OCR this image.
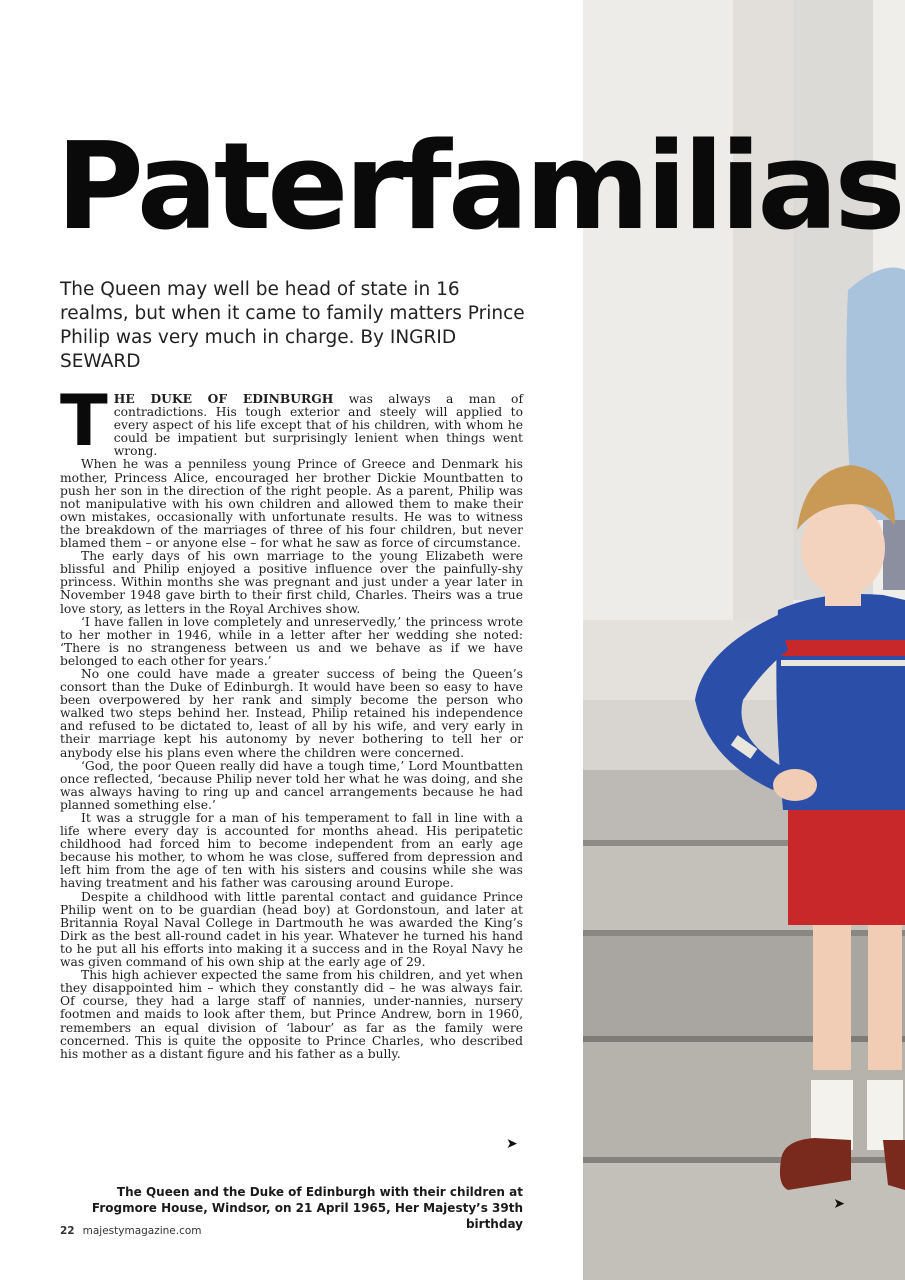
➤
Paterfamilias

The Queen may well be head of state in 16 realms, but when it came to family matters Prince Philip was very much in charge. By INGRID SEWARD

THE DUKE OF EDINBURGH was always a man of contradictions. His tough exterior and steely will applied to every aspect of his life except that of his children, with whom he could be impatient but surprisingly lenient when things went wrong.

When he was a penniless young Prince of Greece and Denmark his mother, Princess Alice, encouraged her brother Dickie Mountbatten to push her son in the direction of the right people. As a parent, Philip was not manipulative with his own children and allowed them to make their own mistakes, occasionally with unfortunate results. He was to witness the breakdown of the marriages of three of his four children, but never blamed them – or anyone else – for what he saw as force of circumstance.

The early days of his own marriage to the young Elizabeth were blissful and Philip enjoyed a positive influence over the painfully-shy princess. Within months she was pregnant and just under a year later in November 1948 gave birth to their first child, Charles. Theirs was a true love story, as letters in the Royal Archives show.

‘I have fallen in love completely and unreservedly,’ the princess wrote to her mother in 1946, while in a letter after her wedding she noted: ‘There is no strangeness between us and we behave as if we have belonged to each other for years.’

No one could have made a greater success of being the Queen’s consort than the Duke of Edinburgh. It would have been so easy to have been overpowered by her rank and simply become the person who walked two steps behind her. Instead, Philip retained his independence and refused to be dictated to, least of all by his wife, and very early in their marriage kept his autonomy by never bothering to tell her or anybody else his plans even where the children were concerned.

‘God, the poor Queen really did have a tough time,’ Lord Mountbatten once reflected, ‘because Philip never told her what he was doing, and she was always having to ring up and cancel arrangements because he had planned something else.’

It was a struggle for a man of his temperament to fall in line with a life where every day is accounted for months ahead. His peripatetic childhood had forced him to become independent from an early age because his mother, to whom he was close, suffered from depression and left him from the age of ten with his sisters and cousins while she was having treatment and his father was carousing around Europe.

Despite a childhood with little parental contact and guidance Prince Philip went on to be guardian (head boy) at Gordonstoun, and later at Britannia Royal Naval College in Dartmouth he was awarded the King’s Dirk as the best all-round cadet in his year. Whatever he turned his hand to he put all his efforts into making it a success and in the Royal Navy he was given command of his own ship at the early age of 29.

This high achiever expected the same from his children, and yet when they disappointed him – which they constantly did – he was always fair. Of course, they had a large staff of nannies, under-nannies, nursery footmen and maids to look after them, but Prince Andrew, born in 1960, remembers an equal division of ‘labour’ as far as the family were concerned. This is quite the opposite to Prince Charles, who described his mother as a distant figure and his father as a bully.

➤

The Queen and the Duke of Edinburgh with their children at Frogmore House, Windsor, on 21 April 1965, Her Majesty’s 39th birthday

22 majestymagazine.com
